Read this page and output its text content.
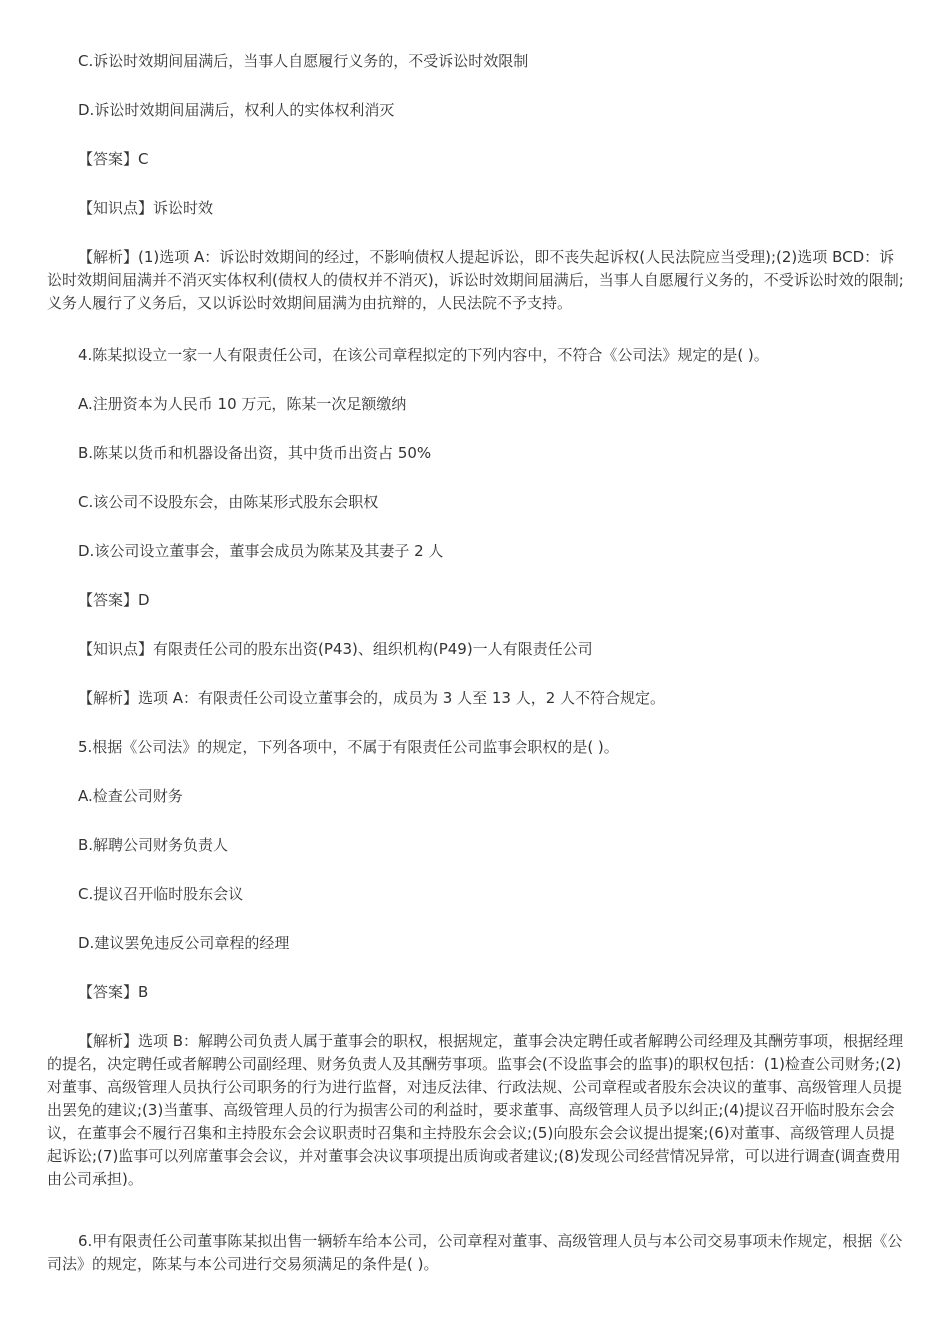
C.诉讼时效期间届满后，当事人自愿履行义务的，不受诉讼时效限制

D.诉讼时效期间届满后，权利人的实体权利消灭

【答案】C

【知识点】诉讼时效

【解析】(1)选项 A：诉讼时效期间的经过，不影响债权人提起诉讼，即不丧失起诉权(人民法院应当受理);(2)选项 BCD：诉讼时效期间届满并不消灭实体权利(债权人的债权并不消灭)，诉讼时效期间届满后，当事人自愿履行义务的，不受诉讼时效的限制;义务人履行了义务后，又以诉讼时效期间届满为由抗辩的，人民法院不予支持。

4.陈某拟设立一家一人有限责任公司，在该公司章程拟定的下列内容中，不符合《公司法》规定的是( )。

A.注册资本为人民币 10 万元，陈某一次足额缴纳

B.陈某以货币和机器设备出资，其中货币出资占 50%

C.该公司不设股东会，由陈某形式股东会职权

D.该公司设立董事会，董事会成员为陈某及其妻子 2 人

【答案】D

【知识点】有限责任公司的股东出资(P43)、组织机构(P49)一人有限责任公司

【解析】选项 A：有限责任公司设立董事会的，成员为 3 人至 13 人，2 人不符合规定。

5.根据《公司法》的规定，下列各项中，不属于有限责任公司监事会职权的是( )。

A.检查公司财务

B.解聘公司财务负责人

C.提议召开临时股东会议

D.建议罢免违反公司章程的经理

【答案】B

【解析】选项 B：解聘公司负责人属于董事会的职权，根据规定，董事会决定聘任或者解聘公司经理及其酬劳事项，根据经理的提名，决定聘任或者解聘公司副经理、财务负责人及其酬劳事项。监事会(不设监事会的监事)的职权包括：(1)检查公司财务;(2)对董事、高级管理人员执行公司职务的行为进行监督，对违反法律、行政法规、公司章程或者股东会决议的董事、高级管理人员提出罢免的建议;(3)当董事、高级管理人员的行为损害公司的利益时，要求董事、高级管理人员予以纠正;(4)提议召开临时股东会会议，在董事会不履行召集和主持股东会会议职责时召集和主持股东会会议;(5)向股东会会议提出提案;(6)对董事、高级管理人员提起诉讼;(7)监事可以列席董事会会议，并对董事会决议事项提出质询或者建议;(8)发现公司经营情况异常，可以进行调查(调查费用由公司承担)。

6.甲有限责任公司董事陈某拟出售一辆轿车给本公司，公司章程对董事、高级管理人员与本公司交易事项未作规定，根据《公司法》的规定，陈某与本公司进行交易须满足的条件是( )。
